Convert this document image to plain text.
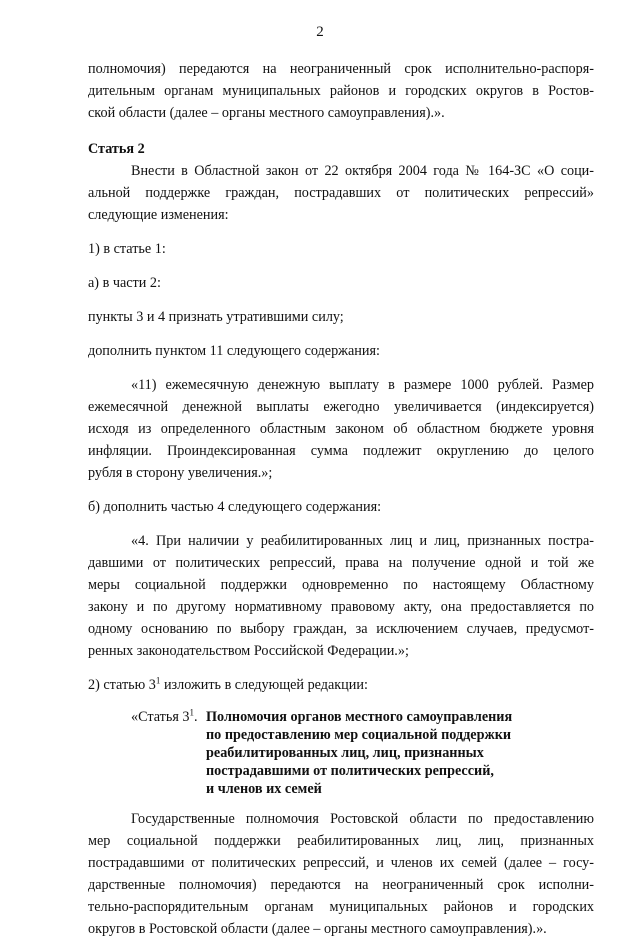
2

полномочия) передаются на неограниченный срок исполнительно-распоря-

дительным органам муниципальных районов и городских округов в Ростов-

ской области (далее – органы местного самоуправления).».

Статья 2

Внести в Областной закон от 22 октября 2004 года № 164-ЗС «О соци-

альной поддержке граждан, пострадавших от политических репрессий»

следующие изменения:

1) в статье 1:

а) в части 2:

пункты 3 и 4 признать утратившими силу;

дополнить пунктом 11 следующего содержания:

«11) ежемесячную денежную выплату в размере 1000 рублей. Размер

ежемесячной денежной выплаты ежегодно увеличивается (индексируется)

исходя из определенного областным законом об областном бюджете уровня

инфляции. Проиндексированная сумма подлежит округлению до целого

рубля в сторону увеличения.»;

б) дополнить частью 4 следующего содержания:

«4. При наличии у реабилитированных лиц и лиц, признанных постра-

давшими от политических репрессий, права на получение одной и той же

меры социальной поддержки одновременно по настоящему Областному

закону и по другому нормативному правовому акту, она предоставляется по

одному основанию по выбору граждан, за исключением случаев, предусмот-

ренных законодательством Российской Федерации.»;

2) статью $3^1$ изложить в следующей редакции:

«Статья $3^1$. Полномочия органов местного самоуправления
по предоставлению мер социальной поддержки
реабилитированных лиц, лиц, признанных
пострадавшими от политических репрессий,
и членов их семей

Государственные полномочия Ростовской области по предоставлению

мер социальной поддержки реабилитированных лиц, лиц, признанных

пострадавшими от политических репрессий, и членов их семей (далее – госу-

дарственные полномочия) передаются на неограниченный срок исполни-

тельно-распорядительным органам муниципальных районов и городских

округов в Ростовской области (далее – органы местного самоуправления).».
